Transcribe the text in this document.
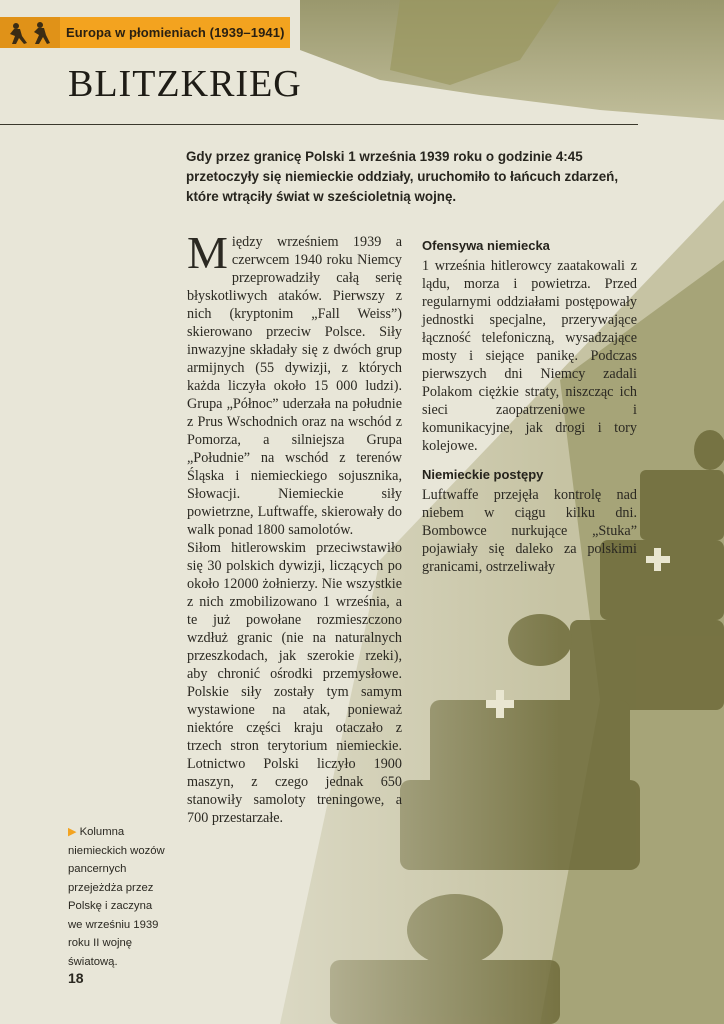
Europa w płomieniach (1939–1941)
BLITZKRIEG

Gdy przez granicę Polski 1 września 1939 roku o godzinie 4:45 przetoczyły się niemieckie oddziały, uruchomiło to łańcuch zdarzeń, które wtrąciły świat w sześcioletnią wojnę.

Między wrześniem 1939 a czerwcem 1940 roku Niemcy przeprowadziły całą serię błyskotliwych ataków. Pierwszy z nich (kryptonim „Fall Weiss”) skierowano przeciw Polsce. Siły inwazyjne składały się z dwóch grup armijnych (55 dywizji, z których każda liczyła około 15 000 ludzi). Grupa „Północ” uderzała na południe z Prus Wschodnich oraz na wschód z Pomorza, a silniejsza Grupa „Południe” na wschód z terenów Śląska i niemieckiego sojusznika, Słowacji. Niemieckie siły powietrzne, Luftwaffe, skierowały do walk ponad 1800 samolotów.

Siłom hitlerowskim przeciwstawiło się 30 polskich dywizji, liczących po około 12000 żołnierzy. Nie wszystkie z nich zmobilizowano 1 września, a te już powołane rozmieszczono wzdłuż granic (nie na naturalnych przeszkodach, jak szerokie rzeki), aby chronić ośrodki przemysłowe. Polskie siły zostały tym samym wystawione na atak, ponieważ niektóre części kraju otaczało z trzech stron terytorium niemieckie. Lotnictwo Polski liczyło 1900 maszyn, z czego jednak 650 stanowiły samoloty treningowe, a 700 przestarzałe.

Ofensywa niemiecka

1 września hitlerowcy zaatakowali z lądu, morza i powietrza. Przed regularnymi oddziałami postępowały jednostki specjalne, przerywające łączność telefoniczną, wysadzające mosty i siejące panikę. Podczas pierwszych dni Niemcy zadali Polakom ciężkie straty, niszcząc ich sieci zaopatrzeniowe i komunikacyjne, jak drogi i tory kolejowe.

Niemieckie postępy

Luftwaffe przejęła kontrolę nad niebem w ciągu kilku dni. Bombowce nurkujące „Stuka” pojawiały się daleko za polskimi granicami, ostrzeliwały

▶ Kolumna niemieckich wozów pancernych przejeżdża przez Polskę i zaczyna we wrześniu 1939 roku II wojnę światową.

18
